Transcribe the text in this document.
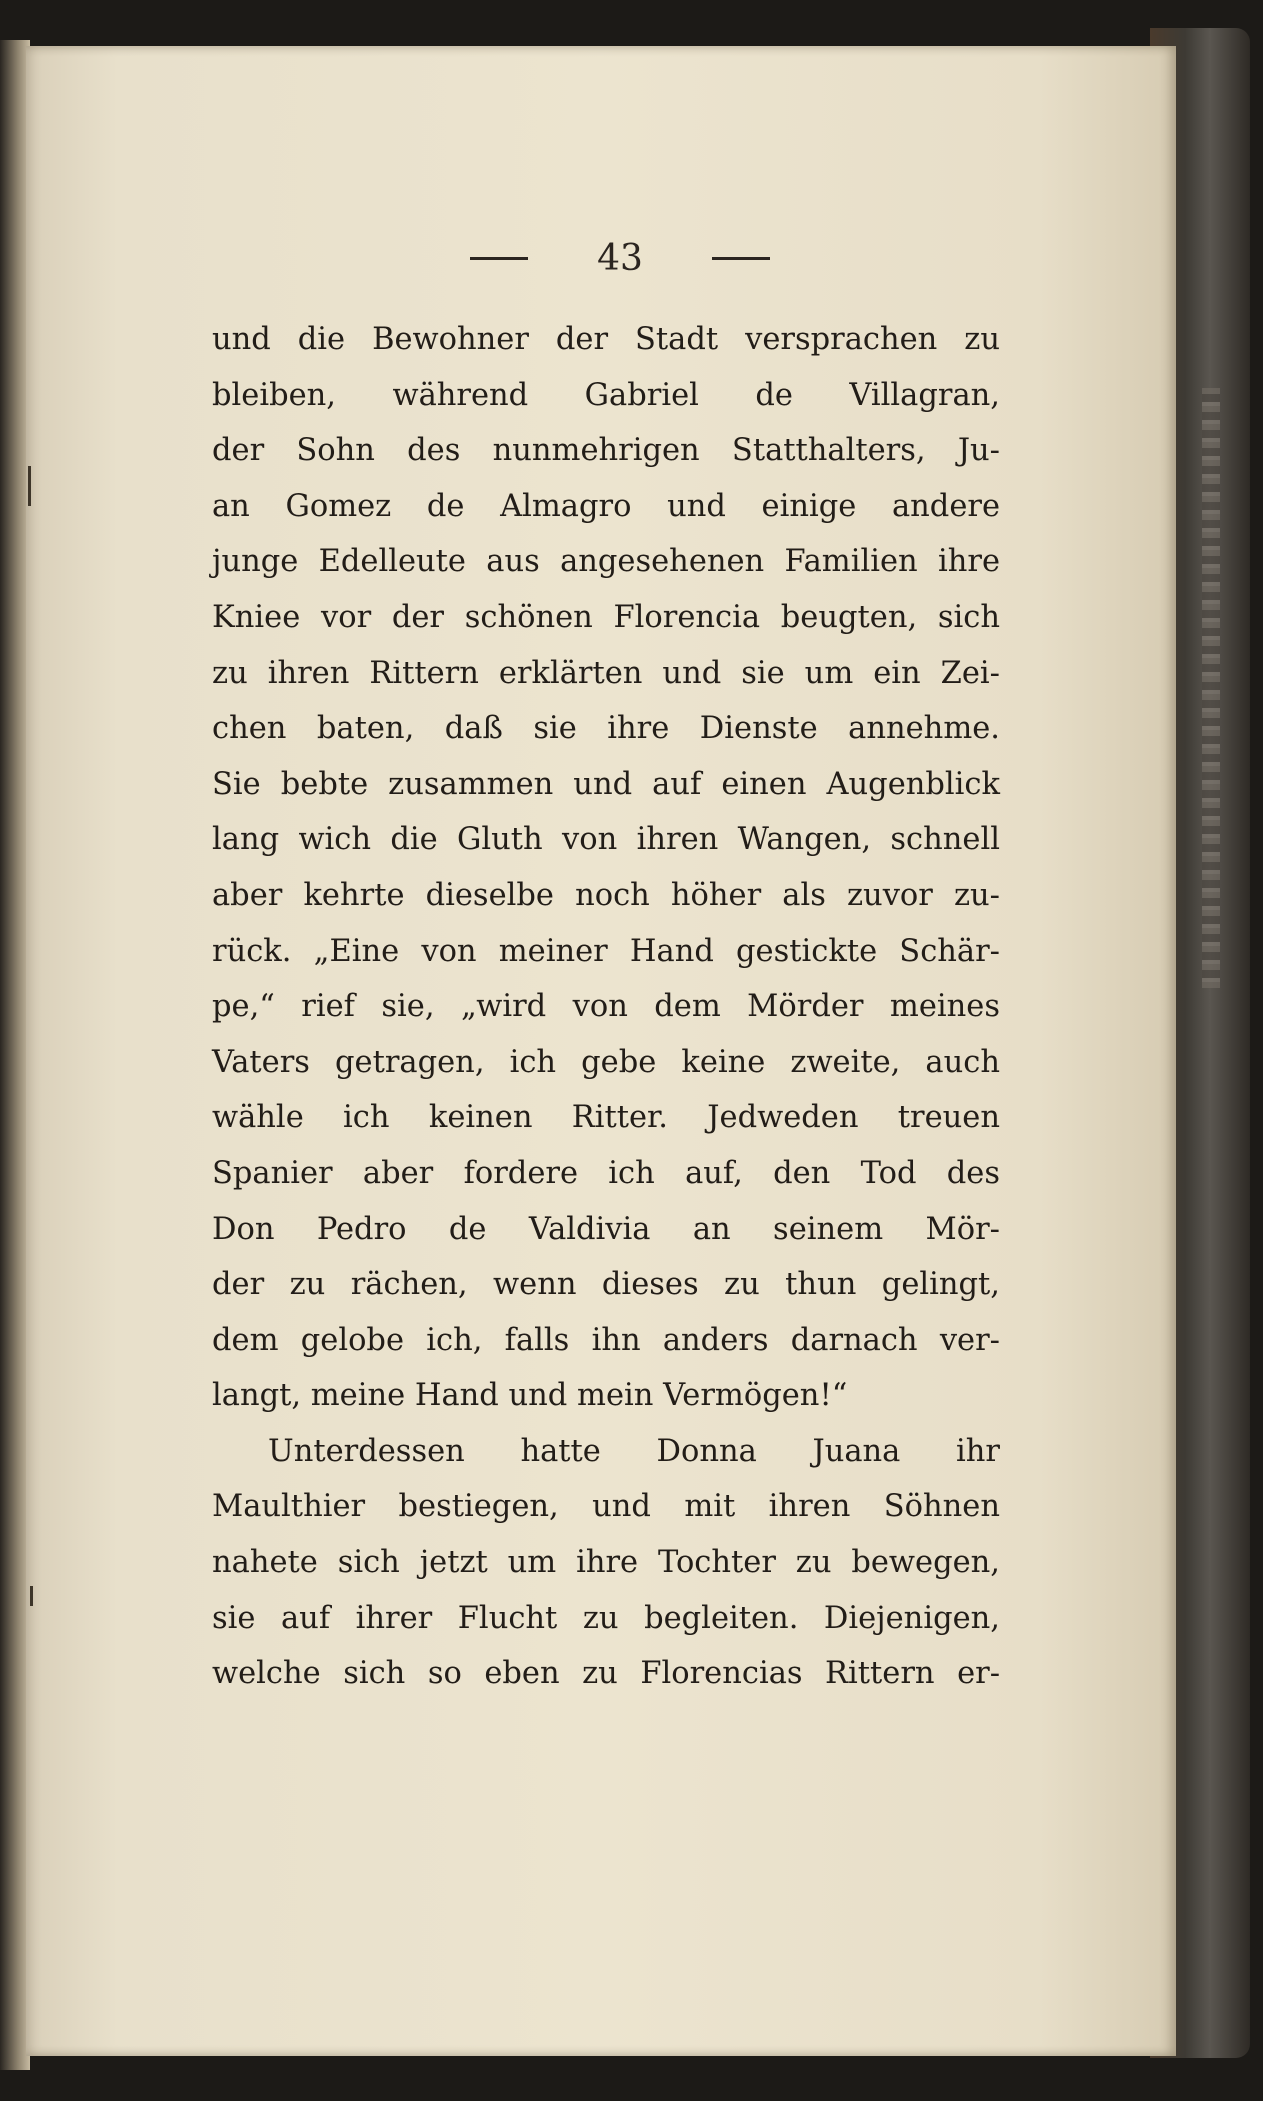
43
und die Bewohner der Stadt versprachen zu
bleiben, während Gabriel de Villagran,
der Sohn des nunmehrigen Statthalters, Ju-
an Gomez de Almagro und einige andere
junge Edelleute aus angesehenen Familien ihre
Kniee vor der schönen Florencia beugten, sich
zu ihren Rittern erklärten und sie um ein Zei-
chen baten, daß sie ihre Dienste annehme.
Sie bebte zusammen und auf einen Augenblick
lang wich die Gluth von ihren Wangen, schnell
aber kehrte dieselbe noch höher als zuvor zu-
rück. „Eine von meiner Hand gestickte Schär-
pe,“ rief sie, „wird von dem Mörder meines
Vaters getragen, ich gebe keine zweite, auch
wähle ich keinen Ritter. Jedweden treuen
Spanier aber fordere ich auf, den Tod des
Don Pedro de Valdivia an seinem Mör-
der zu rächen, wenn dieses zu thun gelingt,
dem gelobe ich, falls ihn anders darnach ver-
langt, meine Hand und mein Vermögen!“
Unterdessen hatte Donna Juana ihr
Maulthier bestiegen, und mit ihren Söhnen
nahete sich jetzt um ihre Tochter zu bewegen,
sie auf ihrer Flucht zu begleiten. Diejenigen,
welche sich so eben zu Florencias Rittern er-
